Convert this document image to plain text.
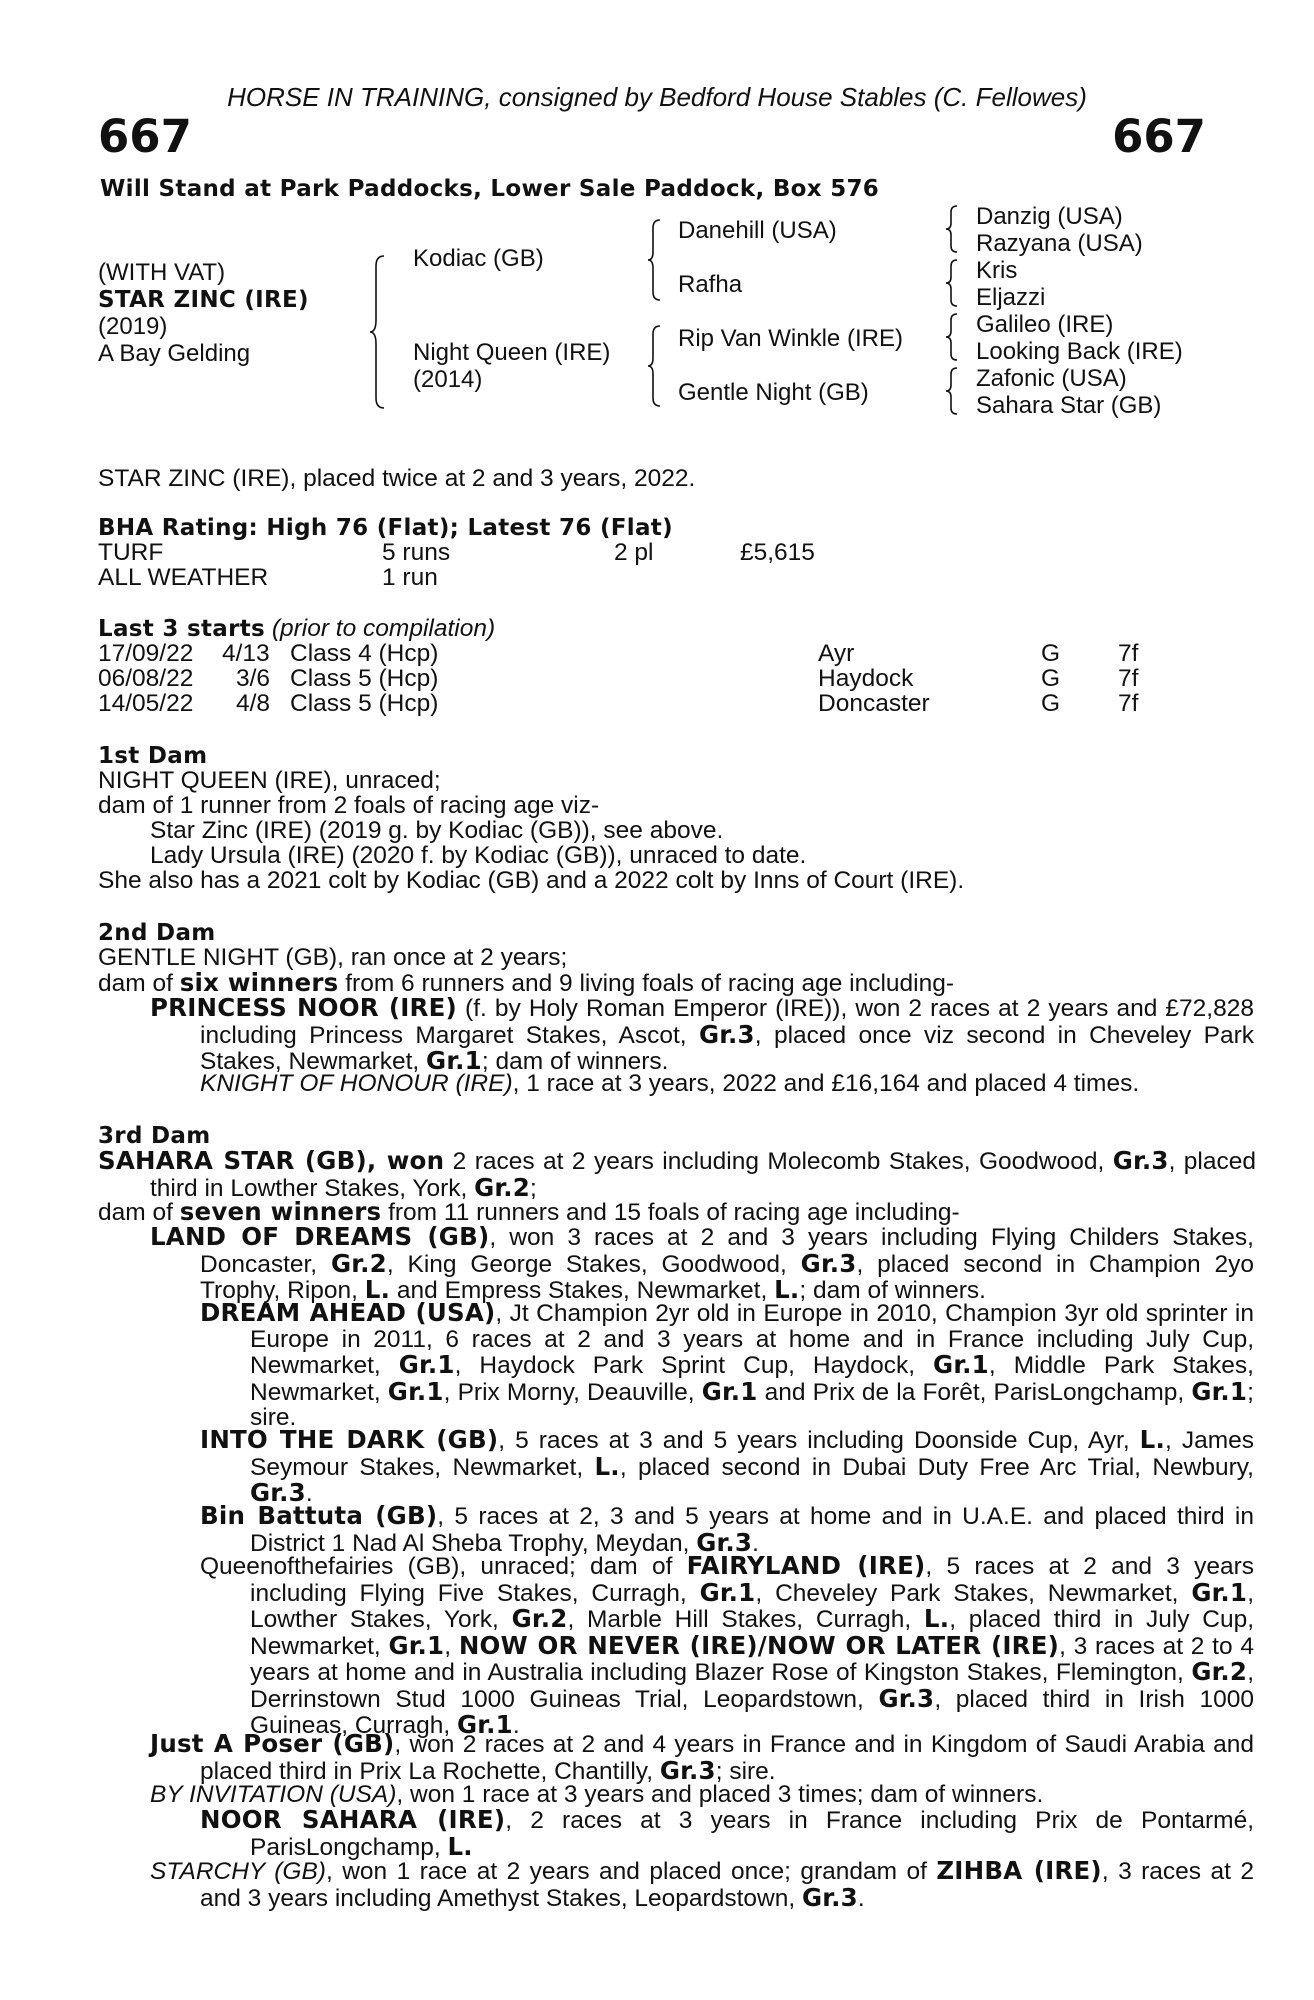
HORSE IN TRAINING, consigned by Bedford House Stables (C. Fellowes)
667	667
Will Stand at Park Paddocks, Lower Sale Paddock, Box 576
(WITH VAT)
STAR ZINC (IRE)
(2019)
A Bay Gelding
Kodiac (GB)
Night Queen (IRE)
(2014)
Danehill (USA)
Rafha
Rip Van Winkle (IRE)
Gentle Night (GB)
Danzig (USA)
Razyana (USA)
Kris
Eljazzi
Galileo (IRE)
Looking Back (IRE)
Zafonic (USA)
Sahara Star (GB)
STAR ZINC (IRE), placed twice at 2 and 3 years, 2022.
BHA Rating: High 76 (Flat); Latest 76 (Flat)
TURF	5 runs	2 pl	£5,615
ALL WEATHER	1 run
Last 3 starts (prior to compilation)
17/09/22 4/13 Class 4 (Hcp)	Ayr	G 7f
06/08/22 3/6 Class 5 (Hcp)	Haydock	G 7f
14/05/22 4/8 Class 5 (Hcp)	Doncaster	G 7f
1st Dam
NIGHT QUEEN (IRE), unraced;
dam of 1 runner from 2 foals of racing age viz-
Star Zinc (IRE) (2019 g. by Kodiac (GB)), see above.
Lady Ursula (IRE) (2020 f. by Kodiac (GB)), unraced to date.
She also has a 2021 colt by Kodiac (GB) and a 2022 colt by Inns of Court (IRE).
2nd Dam
GENTLE NIGHT (GB), ran once at 2 years;
dam of six winners from 6 runners and 9 living foals of racing age including-
PRINCESS NOOR (IRE) (f. by Holy Roman Emperor (IRE)), won 2 races at 2 years and £72,828 including Princess Margaret Stakes, Ascot, Gr.3, placed once viz second in Cheveley Park Stakes, Newmarket, Gr.1; dam of winners.
KNIGHT OF HONOUR (IRE), 1 race at 3 years, 2022 and £16,164 and placed 4 times.
3rd Dam
SAHARA STAR (GB), won 2 races at 2 years including Molecomb Stakes, Goodwood, Gr.3, placed third in Lowther Stakes, York, Gr.2;
dam of seven winners from 11 runners and 15 foals of racing age including-
LAND OF DREAMS (GB), won 3 races at 2 and 3 years including Flying Childers Stakes, Doncaster, Gr.2, King George Stakes, Goodwood, Gr.3, placed second in Champion 2yo Trophy, Ripon, L. and Empress Stakes, Newmarket, L.; dam of winners.
DREAM AHEAD (USA), Jt Champion 2yr old in Europe in 2010, Champion 3yr old sprinter in Europe in 2011, 6 races at 2 and 3 years at home and in France including July Cup, Newmarket, Gr.1, Haydock Park Sprint Cup, Haydock, Gr.1, Middle Park Stakes, Newmarket, Gr.1, Prix Morny, Deauville, Gr.1 and Prix de la Forêt, ParisLongchamp, Gr.1; sire.
INTO THE DARK (GB), 5 races at 3 and 5 years including Doonside Cup, Ayr, L., James Seymour Stakes, Newmarket, L., placed second in Dubai Duty Free Arc Trial, Newbury, Gr.3.
Bin Battuta (GB), 5 races at 2, 3 and 5 years at home and in U.A.E. and placed third in District 1 Nad Al Sheba Trophy, Meydan, Gr.3.
Queenofthefairies (GB), unraced; dam of FAIRYLAND (IRE), 5 races at 2 and 3 years including Flying Five Stakes, Curragh, Gr.1, Cheveley Park Stakes, Newmarket, Gr.1, Lowther Stakes, York, Gr.2, Marble Hill Stakes, Curragh, L., placed third in July Cup, Newmarket, Gr.1, NOW OR NEVER (IRE)/NOW OR LATER (IRE), 3 races at 2 to 4 years at home and in Australia including Blazer Rose of Kingston Stakes, Flemington, Gr.2, Derrinstown Stud 1000 Guineas Trial, Leopardstown, Gr.3, placed third in Irish 1000 Guineas, Curragh, Gr.1.
Just A Poser (GB), won 2 races at 2 and 4 years in France and in Kingdom of Saudi Arabia and placed third in Prix La Rochette, Chantilly, Gr.3; sire.
BY INVITATION (USA), won 1 race at 3 years and placed 3 times; dam of winners.
NOOR SAHARA (IRE), 2 races at 3 years in France including Prix de Pontarmé, ParisLongchamp, L.
STARCHY (GB), won 1 race at 2 years and placed once; grandam of ZIHBA (IRE), 3 races at 2 and 3 years including Amethyst Stakes, Leopardstown, Gr.3.
